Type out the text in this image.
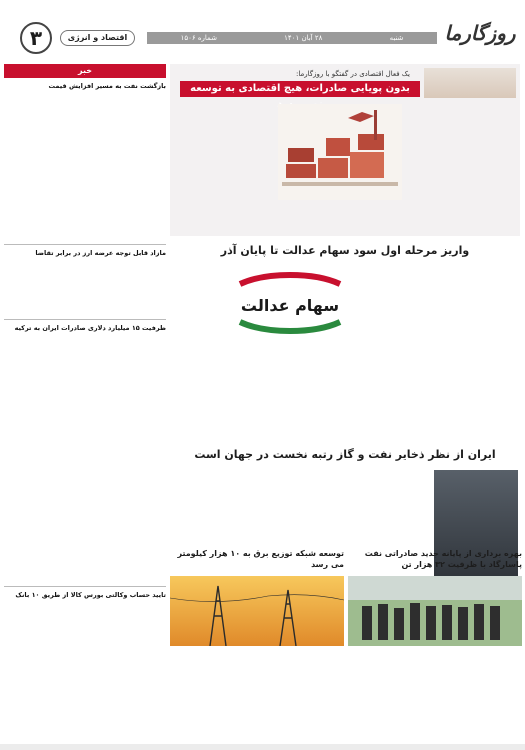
روزگارما
شنبه
۲۸ آبان ۱۴۰۱
شماره ۱۵۰۶
اقتصاد و انرژی
۳
یک فعال اقتصادی در گفتگو با روزگارما:
بدون پویایی صادرات، هیچ اقتصادی به توسعه
خبر
بازگشت نفت به مسیر افزایش قیمت
مازاد قابل توجه عرضه ارز در برابر تقاضا
ظرفیت ۱۵ میلیارد دلاری صادرات ایران به ترکیه
تایید حساب وکالتی بورس کالا از طریق ۱۰ بانک
واریز مرحله اول سود سهام عدالت تا پایان آذر
سهام عدالت
ایران از نظر ذخایر نفت و گاز رتبه نخست در جهان است
توسعه شبکه توزیع برق به ۱۰ هزار کیلومتر می رسد
بهره برداری از پایانه جدید صادراتی نفت پاسارگاد با ظرفیت ۳۲ هزار تن
